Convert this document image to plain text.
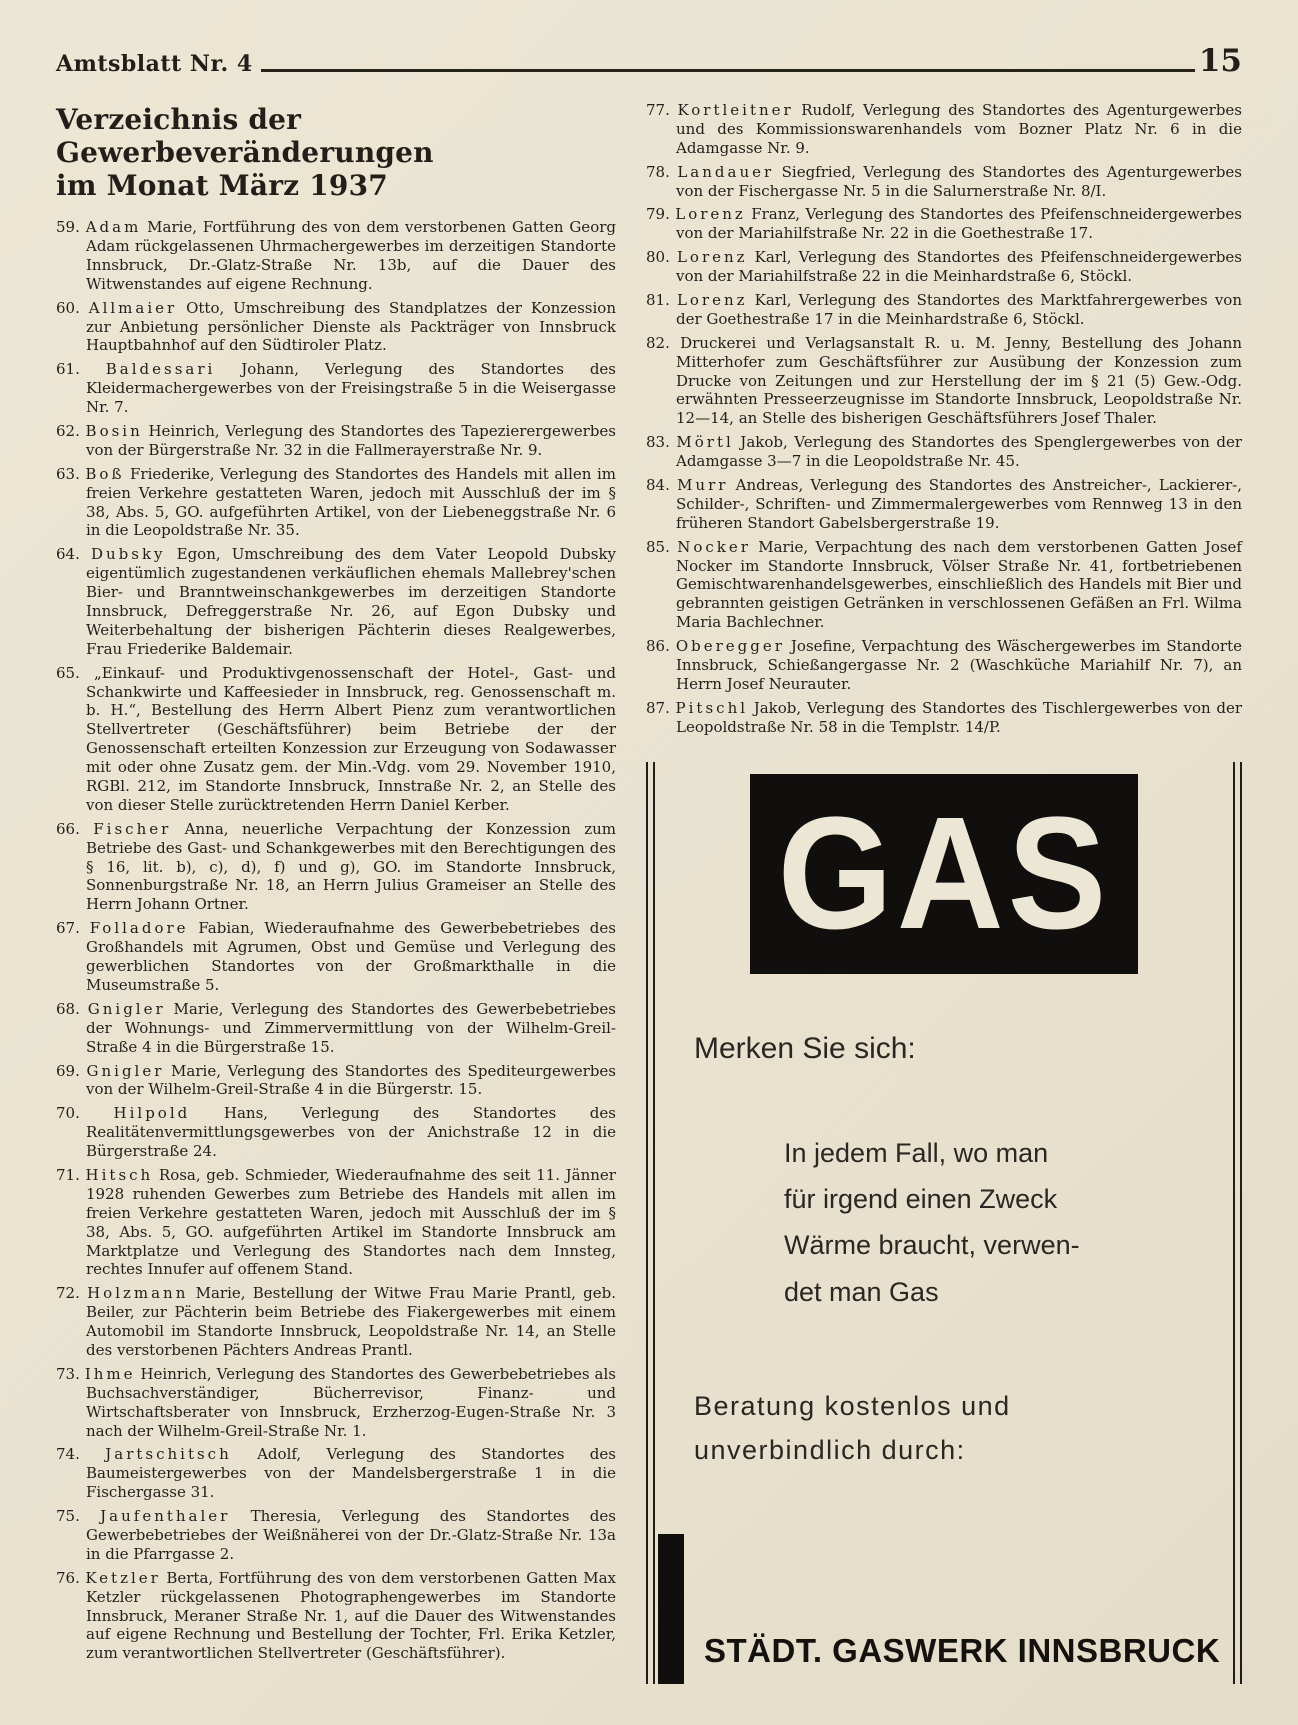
Amtsblatt Nr. 4	15
Verzeichnis der Gewerbeveränderungen
im Monat März 1937
59. Adam Marie, Fortführung des von dem verstorbenen Gatten Georg Adam rückgelassenen Uhrmachergewerbes im derzeitigen Standorte Innsbruck, Dr.-Glatz-Straße Nr. 13b, auf die Dauer des Witwenstandes auf eigene Rechnung.
60. Allmaier Otto, Umschreibung des Standplatzes der Konzession zur Anbietung persönlicher Dienste als Packträger von Innsbruck Hauptbahnhof auf den Südtiroler Platz.
61. Baldessari Johann, Verlegung des Standortes des Kleidermachergewerbes von der Freisingstraße 5 in die Weisergasse Nr. 7.
62. Bosin Heinrich, Verlegung des Standortes des Tapezierergewerbes von der Bürgerstraße Nr. 32 in die Fallmerayerstraße Nr. 9.
63. Boß Friederike, Verlegung des Standortes des Handels mit allen im freien Verkehre gestatteten Waren, jedoch mit Ausschluß der im § 38, Abs. 5, GO. aufgeführten Artikel, von der Liebeneggstraße Nr. 6 in die Leopoldstraße Nr. 35.
64. Dubsky Egon, Umschreibung des dem Vater Leopold Dubsky eigentümlich zugestandenen verkäuflichen ehemals Mallebrey'schen Bier- und Branntweinschankgewerbes im derzeitigen Standorte Innsbruck, Defreggerstraße Nr. 26, auf Egon Dubsky und Weiterbehaltung der bisherigen Pächterin dieses Realgewerbes, Frau Friederike Baldemair.
65. „Einkauf- und Produktivgenossenschaft der Hotel-, Gast- und Schankwirte und Kaffeesieder in Innsbruck, reg. Genossenschaft m. b. H.“, Bestellung des Herrn Albert Pienz zum verantwortlichen Stellvertreter (Geschäftsführer) beim Betriebe der der Genossenschaft erteilten Konzession zur Erzeugung von Sodawasser mit oder ohne Zusatz gem. der Min.-Vdg. vom 29. November 1910, RGBl. 212, im Standorte Innsbruck, Innstraße Nr. 2, an Stelle des von dieser Stelle zurücktretenden Herrn Daniel Kerber.
66. Fischer Anna, neuerliche Verpachtung der Konzession zum Betriebe des Gast- und Schankgewerbes mit den Berechtigungen des § 16, lit. b), c), d), f) und g), GO. im Standorte Innsbruck, Sonnenburgstraße Nr. 18, an Herrn Julius Grameiser an Stelle des Herrn Johann Ortner.
67. Folladore Fabian, Wiederaufnahme des Gewerbebetriebes des Großhandels mit Agrumen, Obst und Gemüse und Verlegung des gewerblichen Standortes von der Großmarkthalle in die Museumstraße 5.
68. Gnigler Marie, Verlegung des Standortes des Gewerbebetriebes der Wohnungs- und Zimmervermittlung von der Wilhelm-Greil-Straße 4 in die Bürgerstraße 15.
69. Gnigler Marie, Verlegung des Standortes des Spediteurgewerbes von der Wilhelm-Greil-Straße 4 in die Bürgerstr. 15.
70. Hilpold Hans, Verlegung des Standortes des Realitätenvermittlungsgewerbes von der Anichstraße 12 in die Bürgerstraße 24.
71. Hitsch Rosa, geb. Schmieder, Wiederaufnahme des seit 11. Jänner 1928 ruhenden Gewerbes zum Betriebe des Handels mit allen im freien Verkehre gestatteten Waren, jedoch mit Ausschluß der im § 38, Abs. 5, GO. aufgeführten Artikel im Standorte Innsbruck am Marktplatze und Verlegung des Standortes nach dem Innsteg, rechtes Innufer auf offenem Stand.
72. Holzmann Marie, Bestellung der Witwe Frau Marie Prantl, geb. Beiler, zur Pächterin beim Betriebe des Fiakergewerbes mit einem Automobil im Standorte Innsbruck, Leopoldstraße Nr. 14, an Stelle des verstorbenen Pächters Andreas Prantl.
73. Ihme Heinrich, Verlegung des Standortes des Gewerbebetriebes als Buchsachverständiger, Bücherrevisor, Finanz- und Wirtschaftsberater von Innsbruck, Erzherzog-Eugen-Straße Nr. 3 nach der Wilhelm-Greil-Straße Nr. 1.
74. Jartschitsch Adolf, Verlegung des Standortes des Baumeistergewerbes von der Mandelsbergerstraße 1 in die Fischergasse 31.
75. Jaufenthaler Theresia, Verlegung des Standortes des Gewerbebetriebes der Weißnäherei von der Dr.-Glatz-Straße Nr. 13a in die Pfarrgasse 2.
76. Ketzler Berta, Fortführung des von dem verstorbenen Gatten Max Ketzler rückgelassenen Photographengewerbes im Standorte Innsbruck, Meraner Straße Nr. 1, auf die Dauer des Witwenstandes auf eigene Rechnung und Bestellung der Tochter, Frl. Erika Ketzler, zum verantwortlichen Stellvertreter (Geschäftsführer).
77. Kortleitner Rudolf, Verlegung des Standortes des Agenturgewerbes und des Kommissionswarenhandels vom Bozner Platz Nr. 6 in die Adamgasse Nr. 9.
78. Landauer Siegfried, Verlegung des Standortes des Agenturgewerbes von der Fischergasse Nr. 5 in die Salurnerstraße Nr. 8/I.
79. Lorenz Franz, Verlegung des Standortes des Pfeifenschneidergewerbes von der Mariahilfstraße Nr. 22 in die Goethestraße 17.
80. Lorenz Karl, Verlegung des Standortes des Pfeifenschneidergewerbes von der Mariahilfstraße 22 in die Meinhardstraße 6, Stöckl.
81. Lorenz Karl, Verlegung des Standortes des Marktfahrergewerbes von der Goethestraße 17 in die Meinhardstraße 6, Stöckl.
82. Druckerei und Verlagsanstalt R. u. M. Jenny, Bestellung des Johann Mitterhofer zum Geschäftsführer zur Ausübung der Konzession zum Drucke von Zeitungen und zur Herstellung der im § 21 (5) Gew.-Odg. erwähnten Presseerzeugnisse im Standorte Innsbruck, Leopoldstraße Nr. 12—14, an Stelle des bisherigen Geschäftsführers Josef Thaler.
83. Mörtl Jakob, Verlegung des Standortes des Spenglergewerbes von der Adamgasse 3—7 in die Leopoldstraße Nr. 45.
84. Murr Andreas, Verlegung des Standortes des Anstreicher-, Lackierer-, Schilder-, Schriften- und Zimmermalergewerbes vom Rennweg 13 in den früheren Standort Gabelsbergerstraße 19.
85. Nocker Marie, Verpachtung des nach dem verstorbenen Gatten Josef Nocker im Standorte Innsbruck, Völser Straße Nr. 41, fortbetriebenen Gemischtwarenhandelsgewerbes, einschließlich des Handels mit Bier und gebrannten geistigen Getränken in verschlossenen Gefäßen an Frl. Wilma Maria Bachlechner.
86. Oberegger Josefine, Verpachtung des Wäschergewerbes im Standorte Innsbruck, Schießangergasse Nr. 2 (Waschküche Mariahilf Nr. 7), an Herrn Josef Neurauter.
87. Pitschl Jakob, Verlegung des Standortes des Tischlergewerbes von der Leopoldstraße Nr. 58 in die Templstr. 14/P.
GAS
Merken Sie sich:
In jedem Fall, wo man
für irgend einen Zweck
Wärme braucht, verwen-
det man Gas
Beratung kostenlos und
unverbindlich durch:
STÄDT. GASWERK INNSBRUCK
